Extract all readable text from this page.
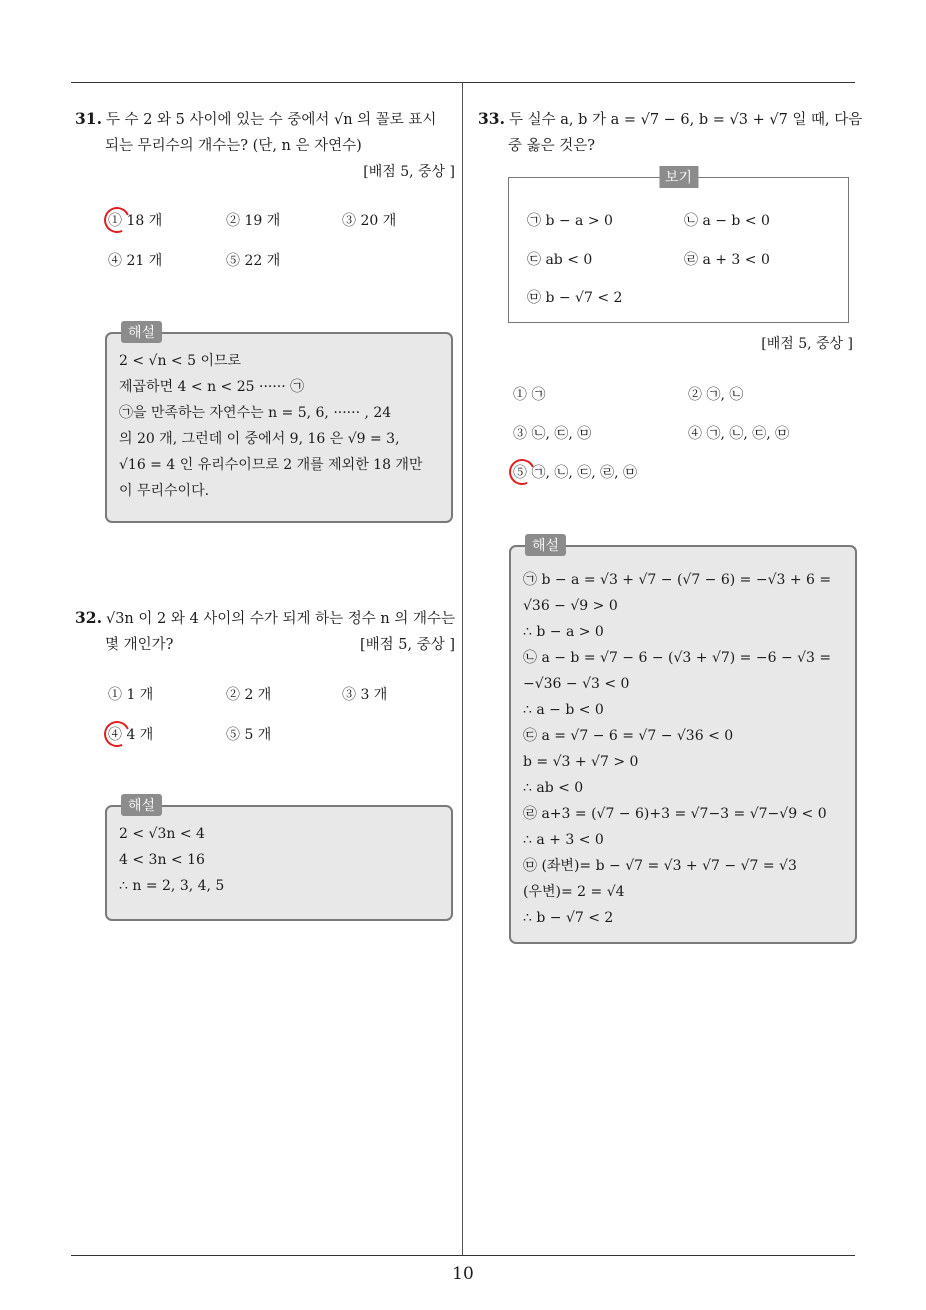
31. 두 수 2 와 5 사이에 있는 수 중에서 √n 의 꼴로 표시
되는 무리수의 개수는? (단, n 은 자연수)
[배점 5, 중상 ]
① 18 개	② 19 개	③ 20 개
④ 21 개	⑤ 22 개
해설
2 < √n < 5 이므로
제곱하면 4 < n < 25 ······ ㉠
㉠을 만족하는 자연수는 n = 5, 6, ······ , 24
의 20 개, 그런데 이 중에서 9, 16 은 √9 = 3,
√16 = 4 인 유리수이므로 2 개를 제외한 18 개만
이 무리수이다.
32. √3n 이 2 와 4 사이의 수가 되게 하는 정수 n 의 개수는
몇 개인가?	[배점 5, 중상 ]
① 1 개	② 2 개	③ 3 개
④ 4 개	⑤ 5 개
해설
2 < √3n < 4
4 < 3n < 16
∴ n = 2, 3, 4, 5
33. 두 실수 a, b 가 a = √7 − 6, b = √3 + √7 일 때, 다음
중 옳은 것은?
보기
㉠ b − a > 0	㉡ a − b < 0
㉢ ab < 0	㉣ a + 3 < 0
㉤ b − √7 < 2
[배점 5, 중상 ]
① ㉠	② ㉠, ㉡
③ ㉡, ㉢, ㉤	④ ㉠, ㉡, ㉢, ㉤
⑤ ㉠, ㉡, ㉢, ㉣, ㉤
해설
㉠ b − a = √3 + √7 − (√7 − 6) = −√3 + 6 =
√36 − √9 > 0
∴ b − a > 0
㉡ a − b = √7 − 6 − (√3 + √7) = −6 − √3 =
−√36 − √3 < 0
∴ a − b < 0
㉢ a = √7 − 6 = √7 − √36 < 0
b = √3 + √7 > 0
∴ ab < 0
㉣ a+3 = (√7 − 6)+3 = √7−3 = √7−√9 < 0
∴ a + 3 < 0
㉤ (좌변)= b − √7 = √3 + √7 − √7 = √3
(우변)= 2 = √4
∴ b − √7 < 2
10
